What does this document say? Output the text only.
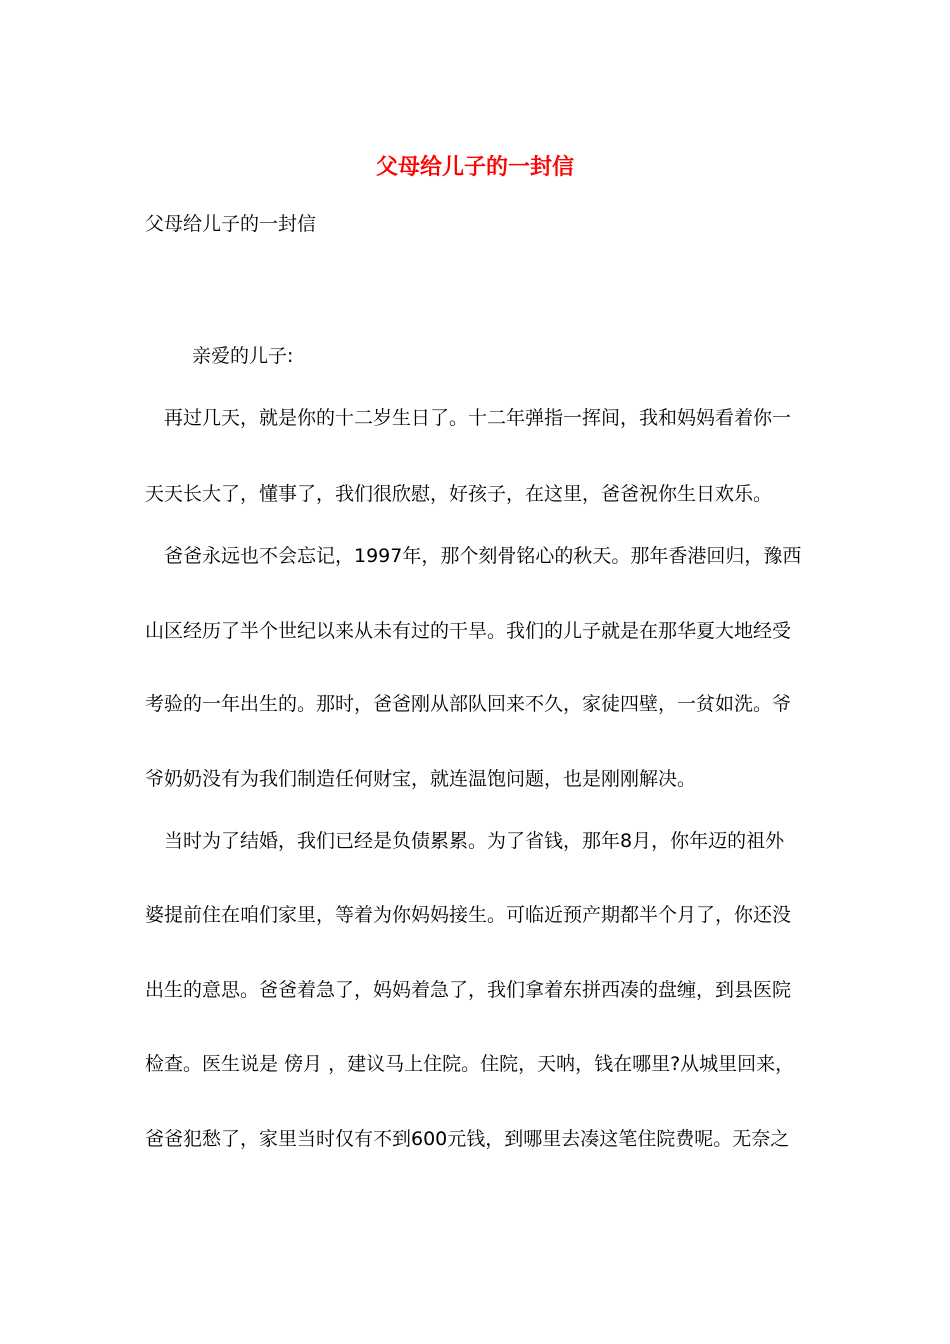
父母给儿子的一封信
父母给儿子的一封信
亲爱的儿子:
再过几天，就是你的十二岁生日了。十二年弹指一挥间，我和妈妈看着你一
天天长大了，懂事了，我们很欣慰，好孩子，在这里，爸爸祝你生日欢乐。
爸爸永远也不会忘记，1997年，那个刻骨铭心的秋天。那年香港回归，豫西
山区经历了半个世纪以来从未有过的干旱。我们的儿子就是在那华夏大地经受
考验的一年出生的。那时，爸爸刚从部队回来不久，家徒四壁，一贫如洗。爷
爷奶奶没有为我们制造任何财宝，就连温饱问题，也是刚刚解决。
当时为了结婚，我们已经是负债累累。为了省钱，那年8月，你年迈的祖外
婆提前住在咱们家里，等着为你妈妈接生。可临近预产期都半个月了，你还没
出生的意思。爸爸着急了，妈妈着急了，我们拿着东拼西凑的盘缠，到县医院
检查。医生说是 傍月 ，建议马上住院。住院，天呐，钱在哪里?从城里回来，
爸爸犯愁了，家里当时仅有不到600元钱，到哪里去凑这笔住院费呢。无奈之
